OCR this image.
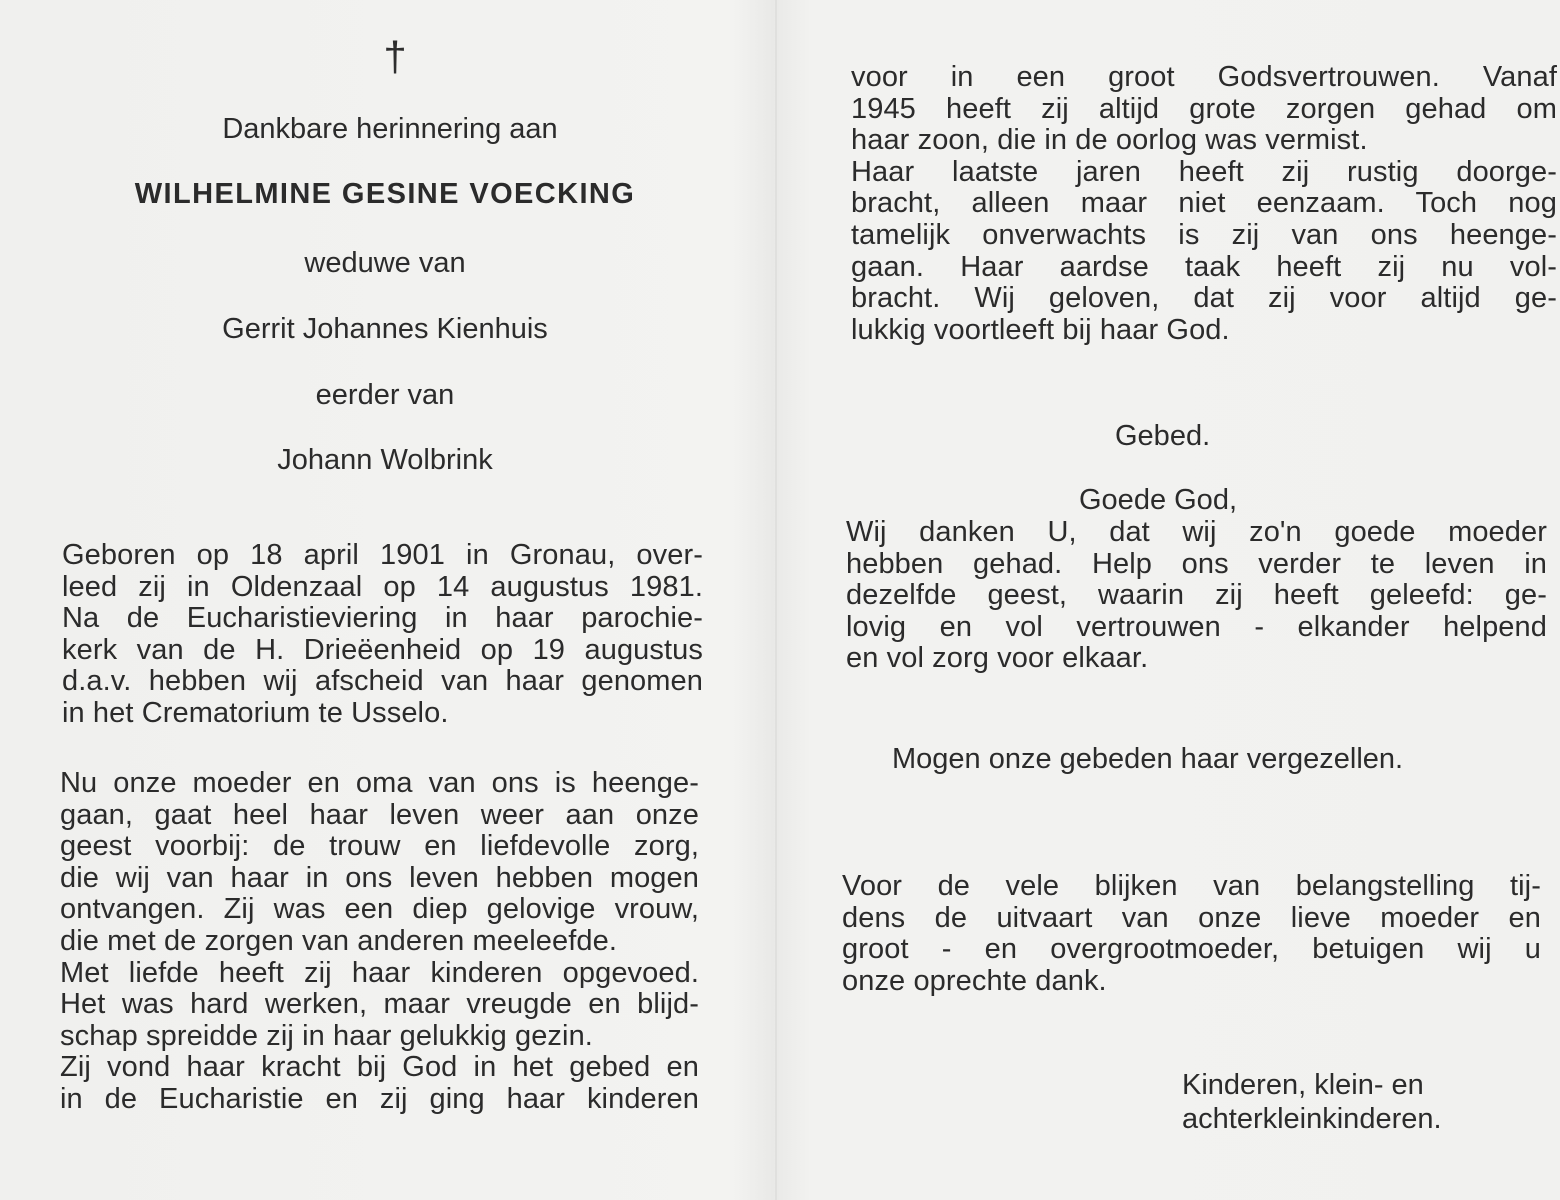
†
Dankbare herinnering aan
WILHELMINE GESINE VOECKING
weduwe van
Gerrit Johannes Kienhuis
eerder van
Johann Wolbrink
Geboren op 18 april 1901 in Gronau, over-
leed zij in Oldenzaal op 14 augustus 1981.
Na de Eucharistieviering in haar parochie-
kerk van de H. Drieëenheid op 19 augustus
d.a.v. hebben wij afscheid van haar genomen
in het Crematorium te Usselo.
Nu onze moeder en oma van ons is heenge-
gaan, gaat heel haar leven weer aan onze
geest voorbij: de trouw en liefdevolle zorg,
die wij van haar in ons leven hebben mogen
ontvangen. Zij was een diep gelovige vrouw,
die met de zorgen van anderen meeleefde.
Met liefde heeft zij haar kinderen opgevoed.
Het was hard werken, maar vreugde en blijd-
schap spreidde zij in haar gelukkig gezin.
Zij vond haar kracht bij God in het gebed en
in de Eucharistie en zij ging haar kinderen
voor in een groot Godsvertrouwen. Vanaf
1945 heeft zij altijd grote zorgen gehad om
haar zoon, die in de oorlog was vermist.
Haar laatste jaren heeft zij rustig doorge-
bracht, alleen maar niet eenzaam. Toch nog
tamelijk onverwachts is zij van ons heenge-
gaan. Haar aardse taak heeft zij nu vol-
bracht. Wij geloven, dat zij voor altijd ge-
lukkig voortleeft bij haar God.
Gebed.
Goede God,
Wij danken U, dat wij zo'n goede moeder
hebben gehad. Help ons verder te leven in
dezelfde geest, waarin zij heeft geleefd: ge-
lovig en vol vertrouwen - elkander helpend
en vol zorg voor elkaar.
Mogen onze gebeden haar vergezellen.
Voor de vele blijken van belangstelling tij-
dens de uitvaart van onze lieve moeder en
groot - en overgrootmoeder, betuigen wij u
onze oprechte dank.
Kinderen, klein- en
achterkleinkinderen.
